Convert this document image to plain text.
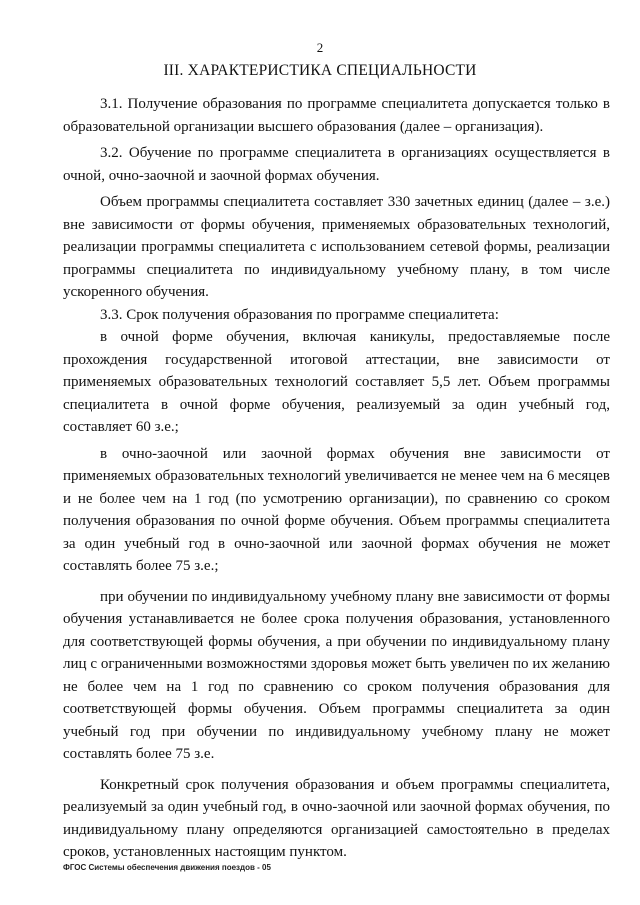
2
III. ХАРАКТЕРИСТИКА СПЕЦИАЛЬНОСТИ

3.1. Получение образования по программе специалитета допускается только в образовательной организации высшего образования (далее – организация).

3.2. Обучение по программе специалитета в организациях осуществляется в очной, очно-заочной и заочной формах обучения.

Объем программы специалитета составляет 330 зачетных единиц (далее – з.е.) вне зависимости от формы обучения, применяемых образовательных технологий, реализации программы специалитета с использованием сетевой формы, реализации программы специалитета по индивидуальному учебному плану, в том числе ускоренного обучения.

3.3. Срок получения образования по программе специалитета:

в очной форме обучения, включая каникулы, предоставляемые после прохождения государственной итоговой аттестации, вне зависимости от применяемых образовательных технологий составляет 5,5 лет. Объем программы специалитета в очной форме обучения, реализуемый за один учебный год, составляет 60 з.е.;

в очно-заочной или заочной формах обучения вне зависимости от применяемых образовательных технологий увеличивается не менее чем на 6 месяцев и не более чем на 1 год (по усмотрению организации), по сравнению со сроком получения образования по очной форме обучения. Объем программы специалитета за один учебный год в очно-заочной или заочной формах обучения не может составлять более 75 з.е.;

при обучении по индивидуальному учебному плану вне зависимости от формы обучения устанавливается не более срока получения образования, установленного для соответствующей формы обучения, а при обучении по индивидуальному плану лиц с ограниченными возможностями здоровья может быть увеличен по их желанию не более чем на 1 год по сравнению со сроком получения образования для соответствующей формы обучения. Объем программы специалитета за один учебный год при обучении по индивидуальному учебному плану не может составлять более 75 з.е.

Конкретный срок получения образования и объем программы специалитета, реализуемый за один учебный год, в очно-заочной или заочной формах обучения, по индивидуальному плану определяются организацией самостоятельно в пределах сроков, установленных настоящим пунктом.

ФГОС Системы обеспечения движения поездов - 05
